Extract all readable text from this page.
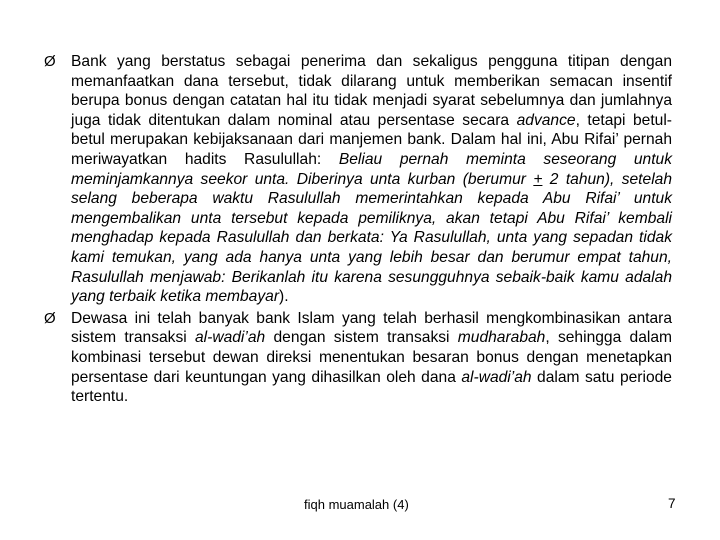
Ø Bank yang berstatus sebagai penerima dan sekaligus pengguna titipan dengan memanfaatkan dana tersebut, tidak dilarang untuk memberikan semacan insentif berupa bonus dengan catatan hal itu tidak menjadi syarat sebelumnya dan jumlahnya juga tidak ditentukan dalam nominal atau persentase secara advance, tetapi betul-betul merupakan kebijaksanaan dari manjemen bank. Dalam hal ini, Abu Rifai’ pernah meriwayatkan hadits Rasulullah: Beliau pernah meminta seseorang untuk meminjamkannya seekor unta. Diberinya unta kurban (berumur + 2 tahun), setelah selang beberapa waktu Rasulullah memerintahkan kepada Abu Rifai’ untuk mengembalikan unta tersebut kepada pemiliknya, akan tetapi Abu Rifai’ kembali menghadap kepada Rasulullah dan berkata: Ya Rasulullah, unta yang sepadan tidak kami temukan, yang ada hanya unta yang lebih besar dan berumur empat tahun, Rasulullah menjawab: Berikanlah itu karena sesungguhnya sebaik-baik kamu adalah yang terbaik ketika membayar).
Ø Dewasa ini telah banyak bank Islam yang telah berhasil mengkombinasikan antara sistem transaksi al-wadi’ah dengan sistem transaksi mudharabah, sehingga dalam kombinasi tersebut dewan direksi menentukan besaran bonus dengan menetapkan persentase dari keuntungan yang dihasilkan oleh dana al-wadi’ah dalam satu periode tertentu.
fiqh muamalah (4)	7
